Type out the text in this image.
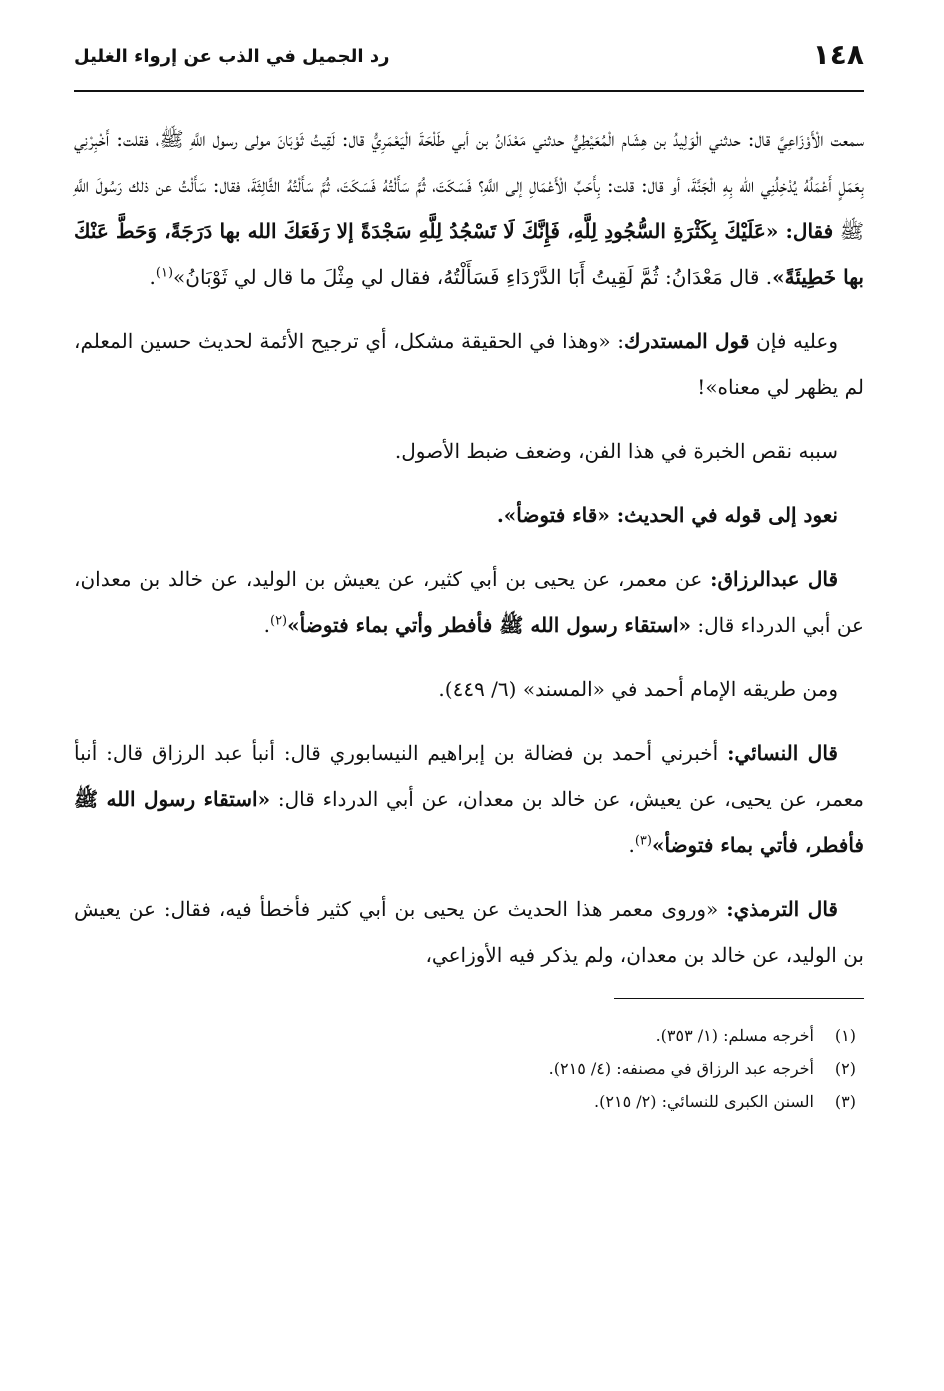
١٤٨
رد الجميل في الذب عن إرواء الغليل

سمعت الْأَوْزَاعِيَّ قال: حدثني الْوَلِيدُ بن هِشَام الْمُعَيْطِيُّ حدثني مَعْدَانُ بن أبي طَلْحَةَ الْيَعْمَرِيُّ قال: لَقِيتُ ثَوْبَانَ مولى رسول اللَّهِ ﷺ، فقلت: أَخْبِرْنِي بِعَمَلٍ أَعْمَلُهُ يُدْخِلُنِي الله بِهِ الْجَنَّةَ، أو قال: قلت: بِأَحَبِّ الْأَعْمَالِ إلى اللَّهِ؟ فَسَكَتَ، ثُمَّ سَأَلْتُهُ فَسَكَتَ، ثُمَّ سَأَلْتُهُ الثَّالِثَةَ، فقال: سَأَلْتُ عن ذلك رَسُولَ اللَّهِ ﷺ فقال: «عَلَيْكَ بِكَثْرَةِ السُّجُودِ لِلَّهِ، فَإِنَّكَ لَا تَسْجُدُ لِلَّهِ سَجْدَةً إلا رَفَعَكَ الله بها دَرَجَةً، وَحَطَّ عَنْكَ بها خَطِيئَةً». قال مَعْدَانُ: ثُمَّ لَقِيتُ أَبَا الدَّرْدَاءِ فَسَأَلْتُهُ، فقال لي مِثْلَ ما قال لي ثَوْبَانُ»$^{(١)}$.

وعليه فإن قول المستدرك: «وهذا في الحقيقة مشكل، أي ترجيح الأئمة لحديث حسين المعلم، لم يظهر لي معناه»!

سببه نقص الخبرة في هذا الفن، وضعف ضبط الأصول.

نعود إلى قوله في الحديث: «قاء فتوضأ».

قال عبدالرزاق: عن معمر، عن يحيى بن أبي كثير، عن يعيش بن الوليد، عن خالد بن معدان، عن أبي الدرداء قال: «استقاء رسول الله ﷺ فأفطر وأتي بماء فتوضأ»$^{(٢)}$.

ومن طريقه الإمام أحمد في «المسند» (٦/ ٤٤٩).

قال النسائي: أخبرني أحمد بن فضالة بن إبراهيم النيسابوري قال: أنبأ عبد الرزاق قال: أنبأ معمر، عن يحيى، عن يعيش، عن خالد بن معدان، عن أبي الدرداء قال: «استقاء رسول الله ﷺ فأفطر، فأتي بماء فتوضأ»$^{(٣)}$.

قال الترمذي: «وروى معمر هذا الحديث عن يحيى بن أبي كثير فأخطأ فيه، فقال: عن يعيش بن الوليد، عن خالد بن معدان، ولم يذكر فيه الأوزاعي،

(١)
أخرجه مسلم: (١/ ٣٥٣).
(٢)
أخرجه عبد الرزاق في مصنفه: (٤/ ٢١٥).
(٣)
السنن الكبرى للنسائي: (٢/ ٢١٥).
